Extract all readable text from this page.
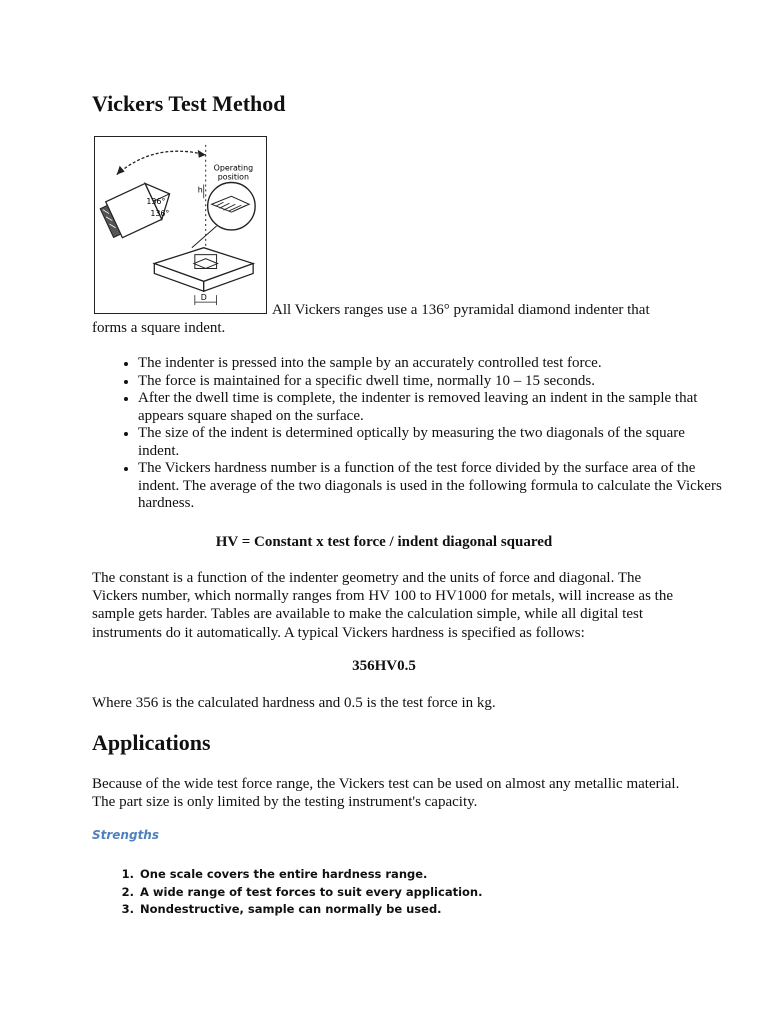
Vickers Test Method
Operating
position
136°
136°
h
D
All Vickers ranges use a 136° pyramidal diamond indenter that
forms a square indent.
• The indenter is pressed into the sample by an accurately controlled test force.
• The force is maintained for a specific dwell time, normally 10 – 15 seconds.
• After the dwell time is complete, the indenter is removed leaving an indent in the sample that appears square shaped on the surface.
• The size of the indent is determined optically by measuring the two diagonals of the square indent.
• The Vickers hardness number is a function of the test force divided by the surface area of the indent. The average of the two diagonals is used in the following formula to calculate the Vickers hardness.
HV = Constant x test force / indent diagonal squared

The constant is a function of the indenter geometry and the units of force and diagonal. The Vickers number, which normally ranges from HV 100 to HV1000 for metals, will increase as the sample gets harder. Tables are available to make the calculation simple, while all digital test instruments do it automatically. A typical Vickers hardness is specified as follows:

356HV0.5

Where 356 is the calculated hardness and 0.5 is the test force in kg.

Applications

Because of the wide test force range, the Vickers test can be used on almost any metallic material. The part size is only limited by the testing instrument's capacity.

Strengths
1. One scale covers the entire hardness range.
2. A wide range of test forces to suit every application.
3. Nondestructive, sample can normally be used.
